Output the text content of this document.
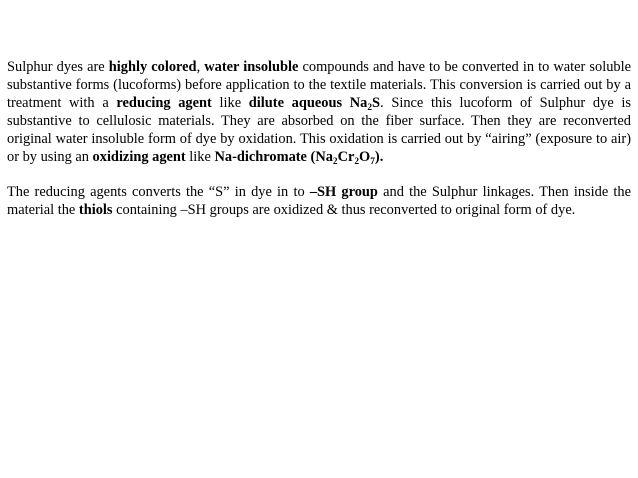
Sulphur dyes are highly colored, water insoluble compounds and have to be converted in to water soluble substantive forms (lucoforms) before application to the textile materials. This conversion is carried out by a treatment with a reducing agent like dilute aqueous $Na_2S$. Since this lucoform of Sulphur dye is substantive to cellulosic materials. They are absorbed on the fiber surface. Then they are reconverted original water insoluble form of dye by oxidation. This oxidation is carried out by “airing” (exposure to air) or by using an oxidizing agent like Na-dichromate $(Na_2Cr_2O_7)$.

The reducing agents converts the “S” in dye in to –SH group and the Sulphur linkages. Then inside the material the thiols containing –SH groups are oxidized & thus reconverted to original form of dye.
